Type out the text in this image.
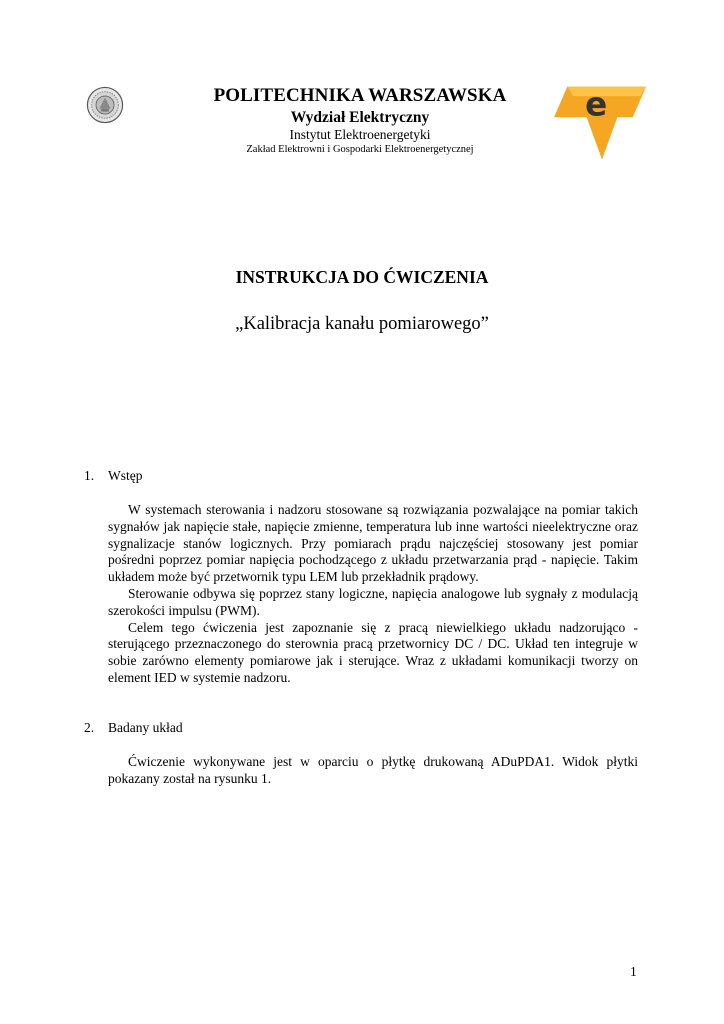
POLITECHNIKA WARSZAWSKA
Wydział Elektryczny
Instytut Elektroenergetyki
Zakład Elektrowni i Gospodarki Elektroenergetycznej
e
INSTRUKCJA DO ĆWICZENIA
„Kalibracja kanału pomiarowego”
1. Wstęp

W systemach sterowania i nadzoru stosowane są rozwiązania pozwalające na pomiar takich sygnałów jak napięcie stałe, napięcie zmienne, temperatura lub inne wartości nieelektryczne oraz sygnalizacje stanów logicznych. Przy pomiarach prądu najczęściej stosowany jest pomiar pośredni poprzez pomiar napięcia pochodzącego z układu przetwarzania prąd - napięcie. Takim układem może być przetwornik typu LEM lub przekładnik prądowy.

Sterowanie odbywa się poprzez stany logiczne, napięcia analogowe lub sygnały z modulacją szerokości impulsu (PWM).

Celem tego ćwiczenia jest zapoznanie się z pracą niewielkiego układu nadzorująco - sterującego przeznaczonego do sterownia pracą przetwornicy DC / DC. Układ ten integruje w sobie zarówno elementy pomiarowe jak i sterujące. Wraz z układami komunikacji tworzy on element IED w systemie nadzoru.

2. Badany układ

Ćwiczenie wykonywane jest w oparciu o płytkę drukowaną ADuPDA1. Widok płytki pokazany został na rysunku 1.

1
